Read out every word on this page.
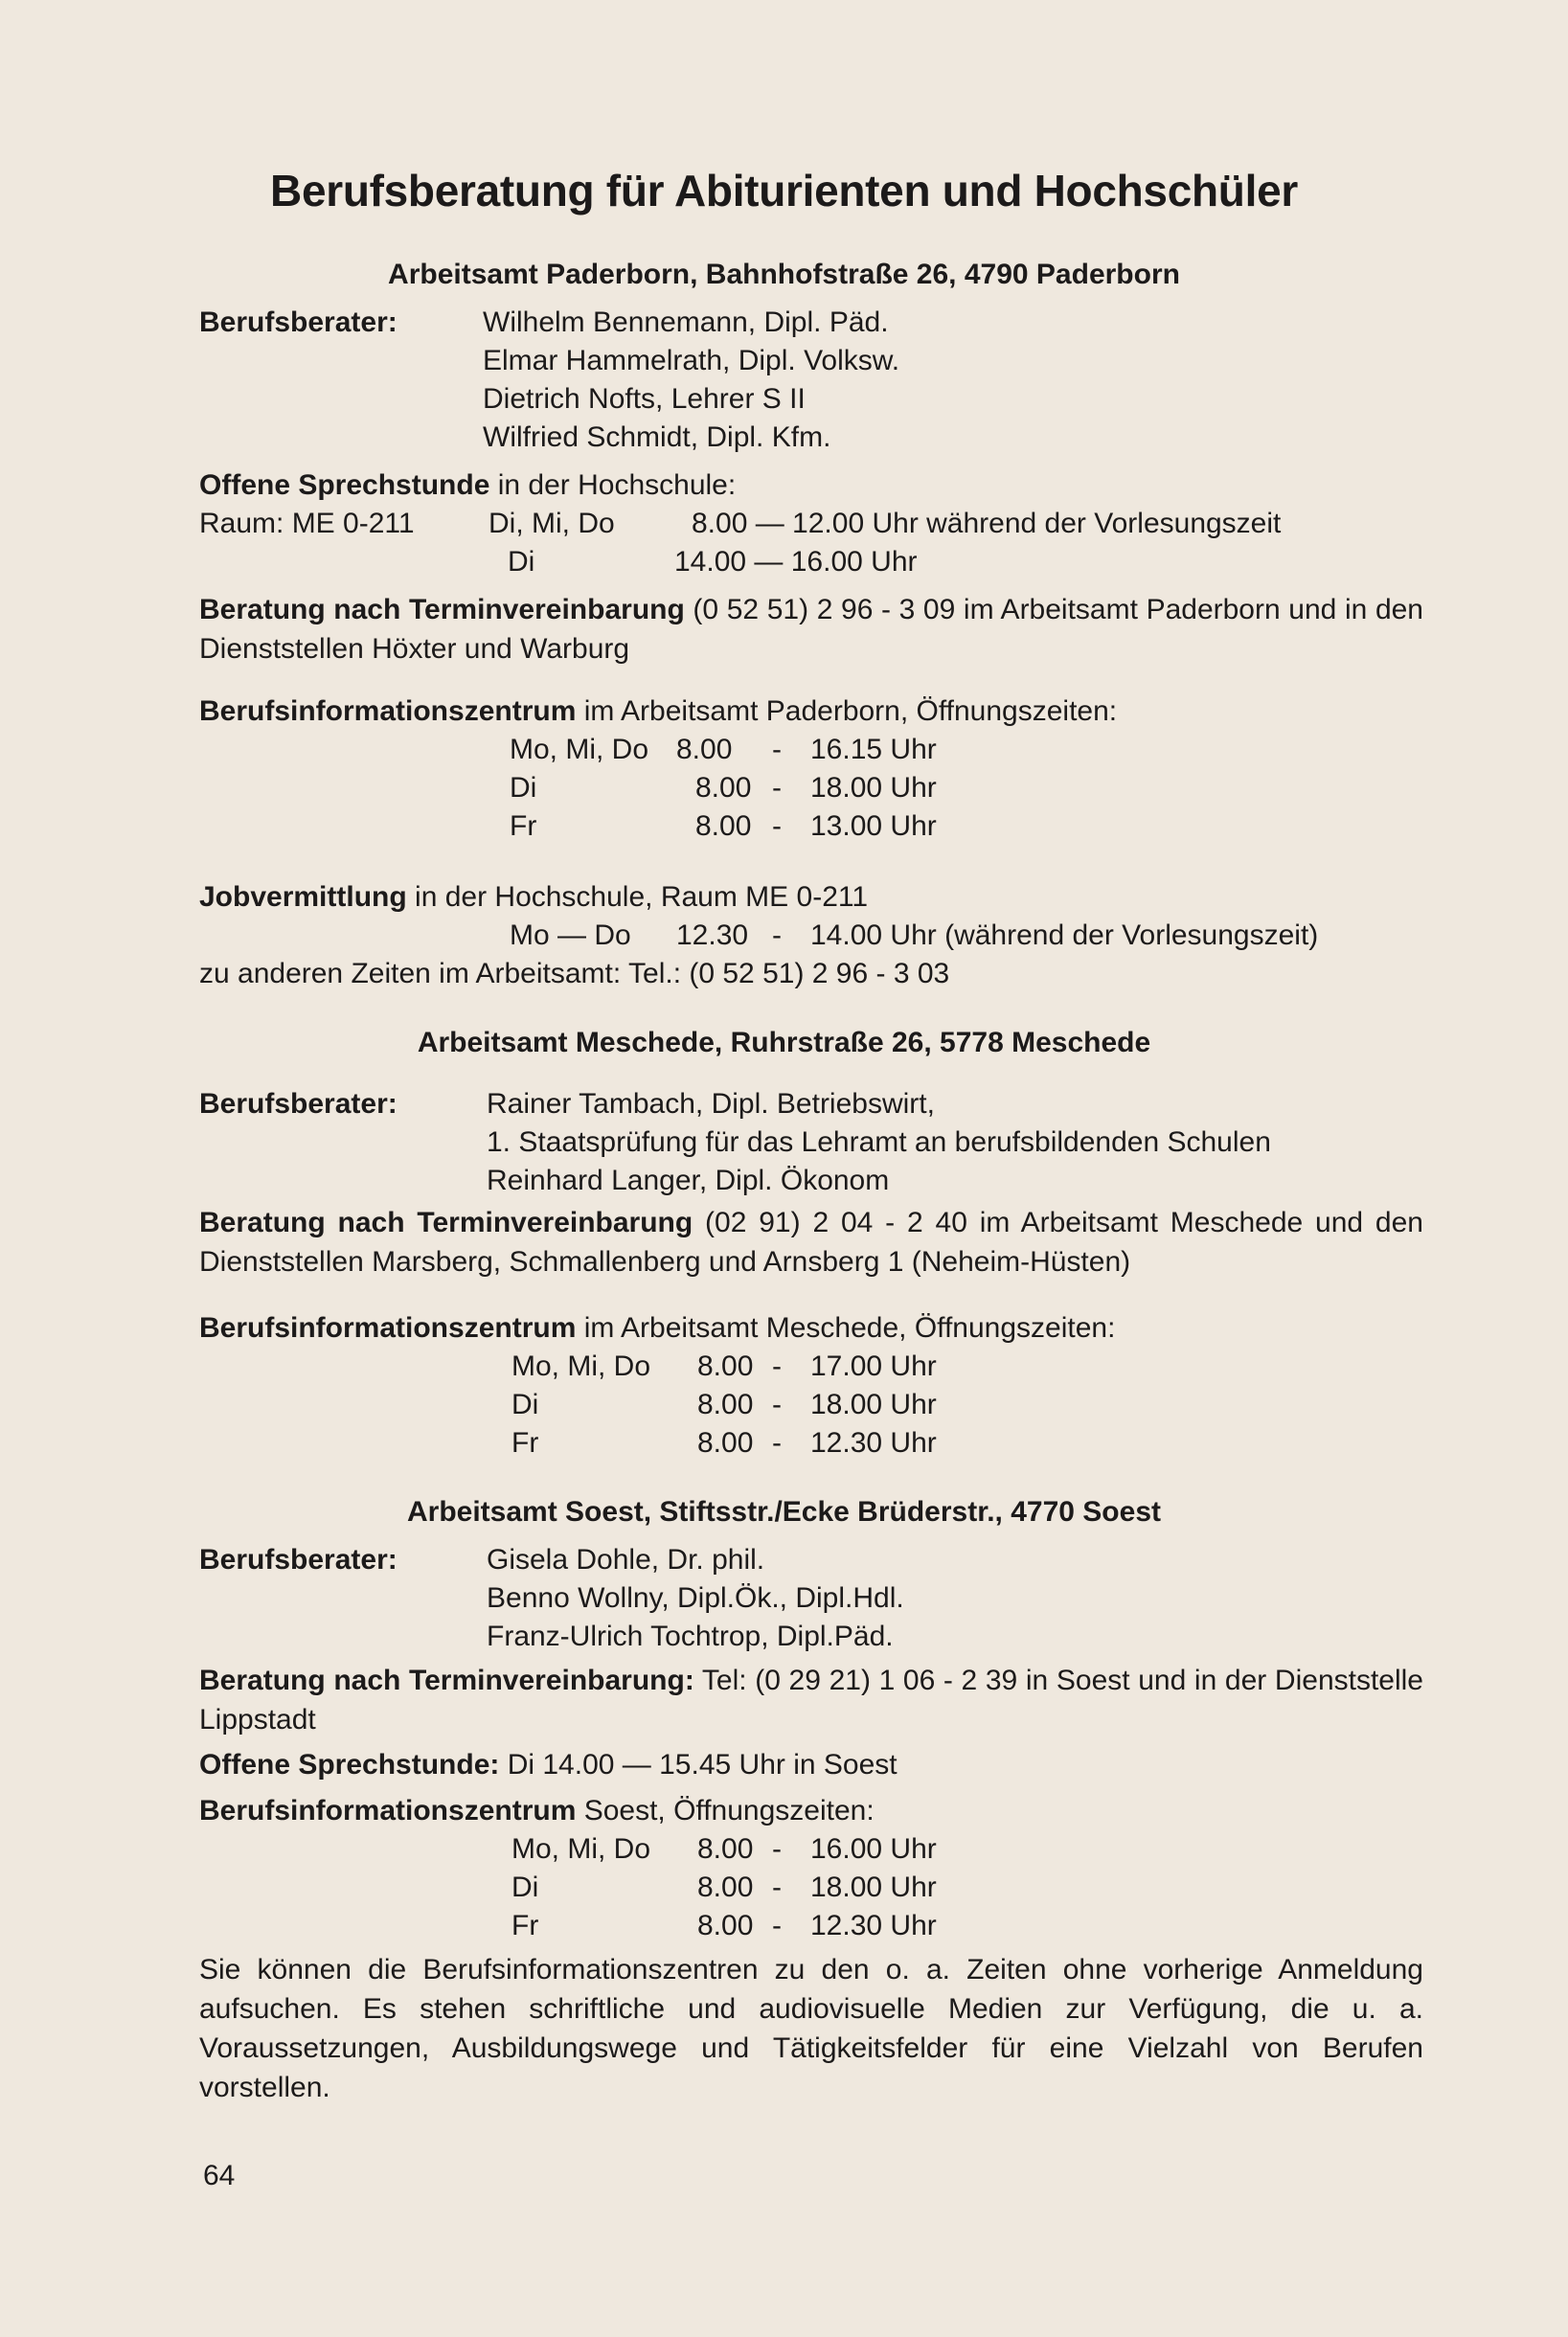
Berufsberatung für Abiturienten und Hochschüler
Arbeitsamt Paderborn, Bahnhofstraße 26, 4790 Paderborn
Berufsberater:	Wilhelm Bennemann, Dipl. Päd.
Elmar Hammelrath, Dipl. Volksw.
Dietrich Nofts, Lehrer S II
Wilfried Schmidt, Dipl. Kfm.
Offene Sprechstunde in der Hochschule:
Raum: ME 0-211	Di, Mi, Do	8.00 — 12.00 Uhr während der Vorlesungszeit
Di	14.00 — 16.00 Uhr
Beratung nach Terminvereinbarung (0 52 51) 2 96 - 3 09 im Arbeitsamt Paderborn und in den Dienststellen Höxter und Warburg
Berufsinformationszentrum im Arbeitsamt Paderborn, Öffnungszeiten:
Mo, Mi, Do 8.00 - 16.15 Uhr
Di	8.00 - 18.00 Uhr
Fr	8.00 - 13.00 Uhr
Jobvermittlung in der Hochschule, Raum ME 0-211
Mo — Do 12.30 - 14.00 Uhr (während der Vorlesungszeit)
zu anderen Zeiten im Arbeitsamt: Tel.: (0 52 51) 2 96 - 3 03
Arbeitsamt Meschede, Ruhrstraße 26, 5778 Meschede
Berufsberater:	Rainer Tambach, Dipl. Betriebswirt,
1. Staatsprüfung für das Lehramt an berufsbildenden Schulen
Reinhard Langer, Dipl. Ökonom
Beratung nach Terminvereinbarung (02 91) 2 04 - 2 40 im Arbeitsamt Meschede und den Dienststellen Marsberg, Schmallenberg und Arnsberg 1 (Neheim-Hüsten)
Berufsinformationszentrum im Arbeitsamt Meschede, Öffnungszeiten:
Mo, Mi, Do 8.00 - 17.00 Uhr
Di	8.00 - 18.00 Uhr
Fr	8.00 - 12.30 Uhr
Arbeitsamt Soest, Stiftsstr./Ecke Brüderstr., 4770 Soest
Berufsberater:	Gisela Dohle, Dr. phil.
Benno Wollny, Dipl.Ök., Dipl.Hdl.
Franz-Ulrich Tochtrop, Dipl.Päd.
Beratung nach Terminvereinbarung: Tel: (0 29 21) 1 06 - 2 39 in Soest und in der Dienststelle Lippstadt
Offene Sprechstunde: Di 14.00 — 15.45 Uhr in Soest
Berufsinformationszentrum Soest, Öffnungszeiten:
Mo, Mi, Do 8.00 - 16.00 Uhr
Di	8.00 - 18.00 Uhr
Fr	8.00 - 12.30 Uhr
Sie können die Berufsinformationszentren zu den o. a. Zeiten ohne vorherige Anmeldung aufsuchen. Es stehen schriftliche und audiovisuelle Medien zur Verfügung, die u. a. Voraussetzungen, Ausbildungswege und Tätigkeitsfelder für eine Vielzahl von Berufen vorstellen.
64
